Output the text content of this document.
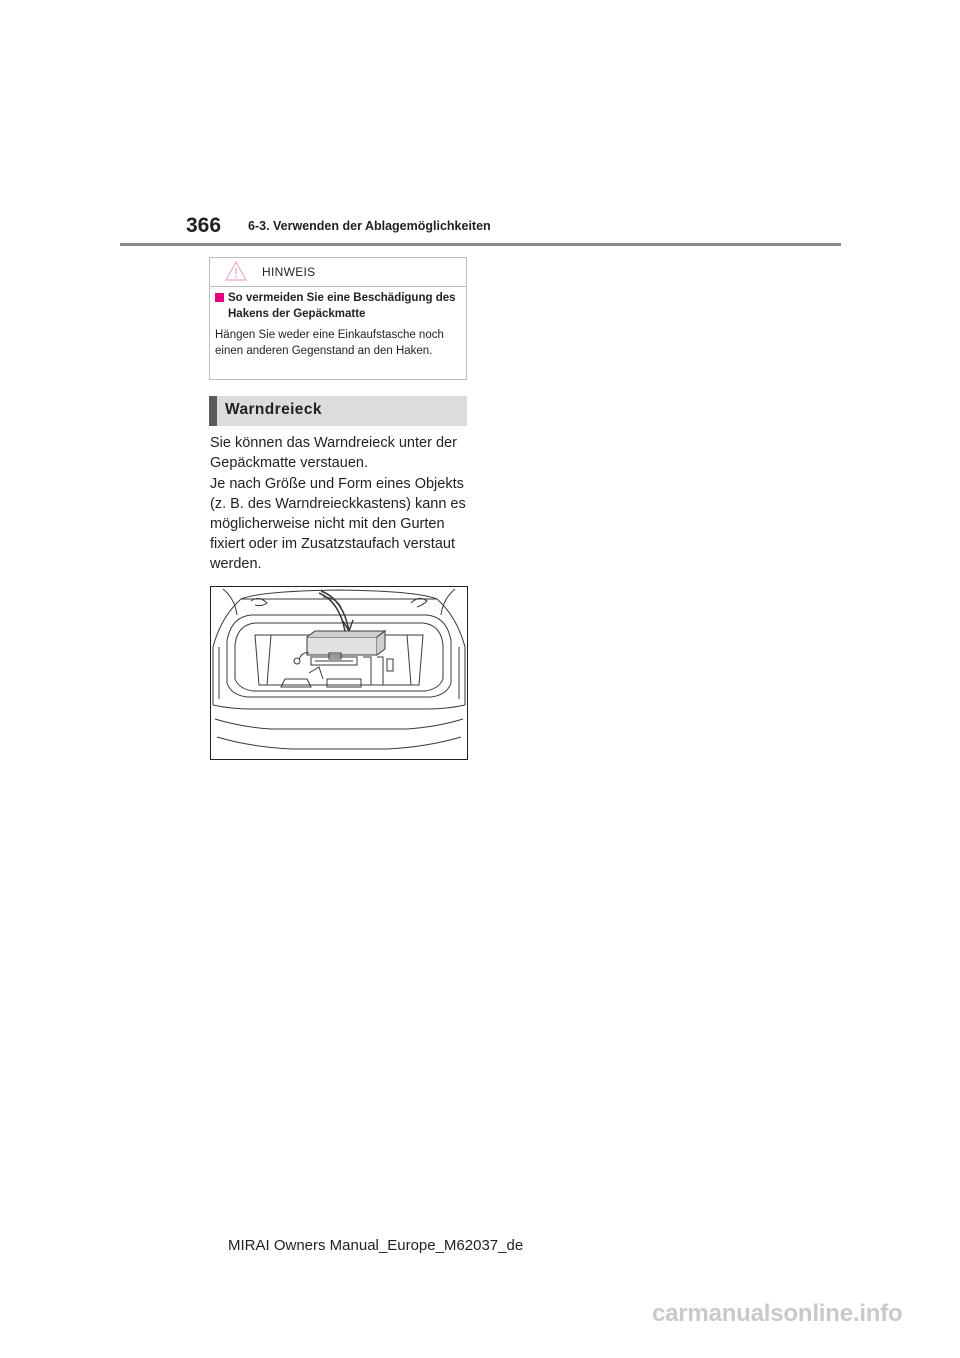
366 6-3. Verwenden der Ablagemöglichkeiten
HINWEIS
So vermeiden Sie eine Beschädigung des Hakens der Gepäckmatte
Hängen Sie weder eine Einkaufstasche noch einen anderen Gegenstand an den Haken.
Warndreieck
Sie können das Warndreieck unter der Gepäckmatte verstauen.
Je nach Größe und Form eines Objekts (z. B. des Warndreieckkastens) kann es möglicherweise nicht mit den Gurten fixiert oder im Zusatzstaufach verstaut werden.
MIRAI Owners Manual_Europe_M62037_de
carmanualsonline.info
